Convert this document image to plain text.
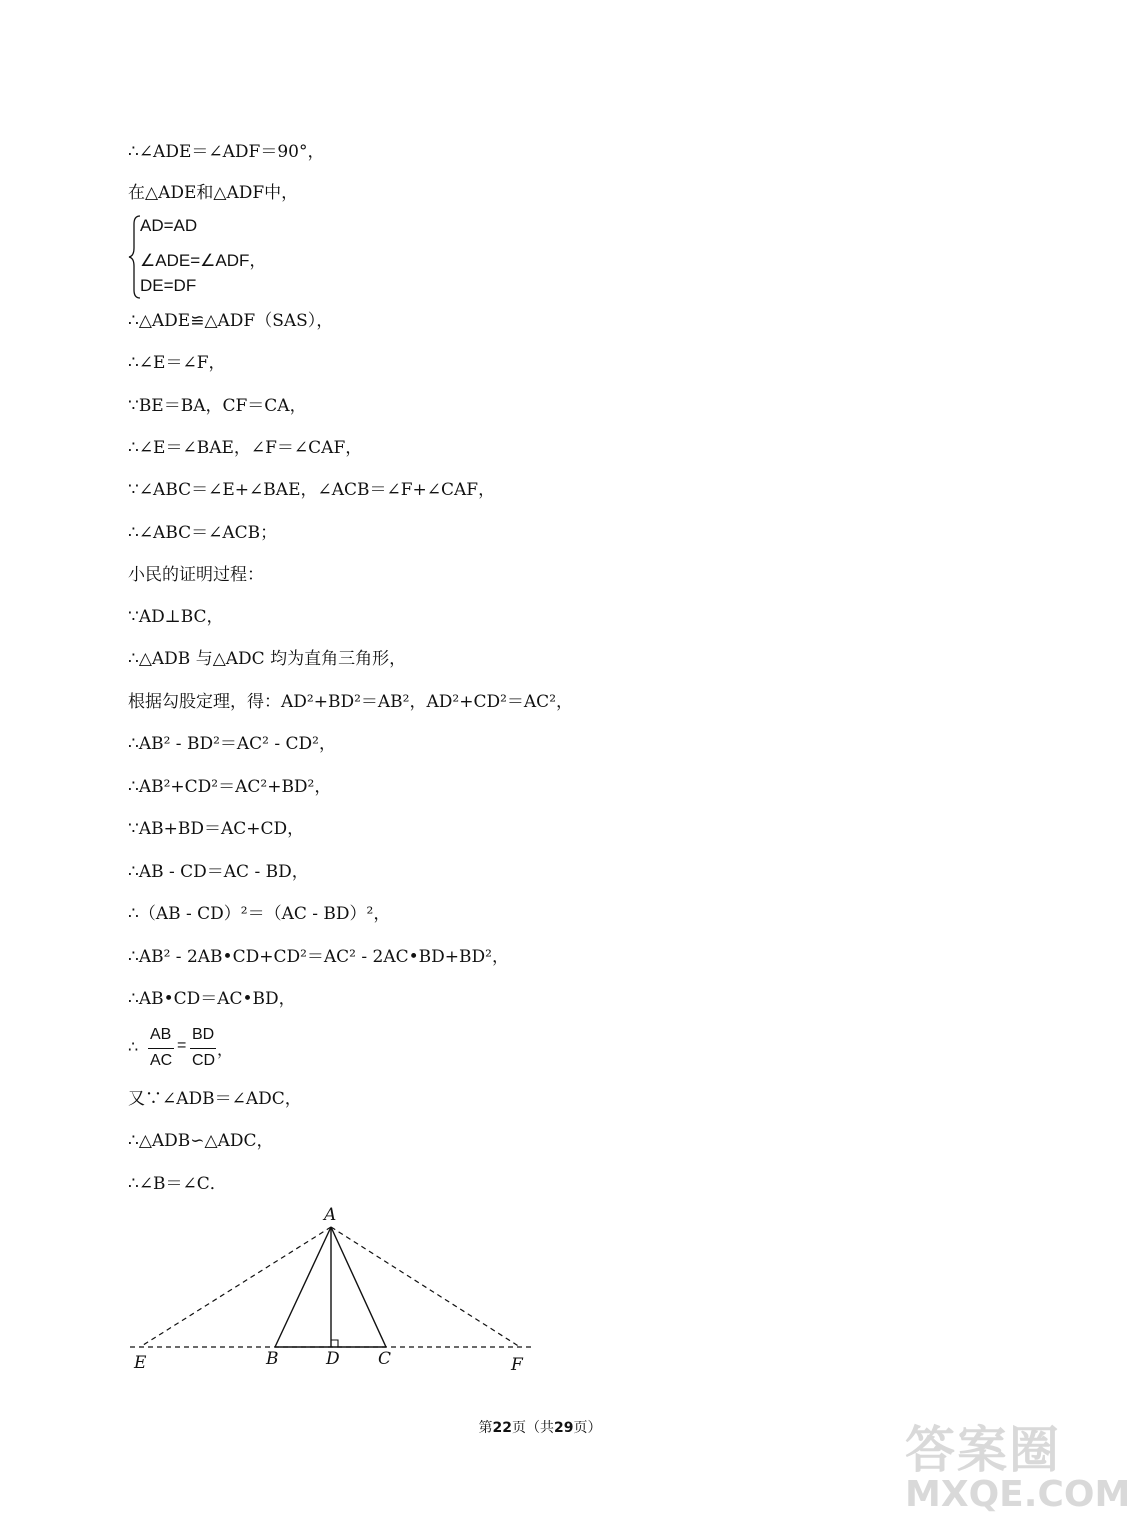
∴∠ADE＝∠ADF＝90°，
在△ADE和△ADF中，
AD=AD
∠ADE=∠ADF，
DE=DF
∴△ADE≌△ADF（SAS），
∴∠E＝∠F，
∵BE＝BA，CF＝CA，
∴∠E＝∠BAE，∠F＝∠CAF，
∵∠ABC＝∠E+∠BAE，∠ACB＝∠F+∠CAF，
∴∠ABC＝∠ACB；
小民的证明过程：
∵AD⊥BC，
∴△ADB 与△ADC 均为直角三角形，
根据勾股定理，得：AD²+BD²＝AB²，AD²+CD²＝AC²，
∴AB² - BD²＝AC² - CD²，
∴AB²+CD²＝AC²+BD²，
∵AB+BD＝AC+CD，
∴AB - CD＝AC - BD，
∴（AB - CD）²＝（AC - BD）²，
∴AB² - 2AB•CD+CD²＝AC² - 2AC•BD+BD²，
∴AB•CD＝AC•BD，
∴
AB
AC
=
BD
CD
，
又∵∠ADB＝∠ADC，
∴△ADB∽△ADC，
∴∠B＝∠C．
A
E	B	D C	F
第22页（共29页）	答案圈
MXQE.COM
